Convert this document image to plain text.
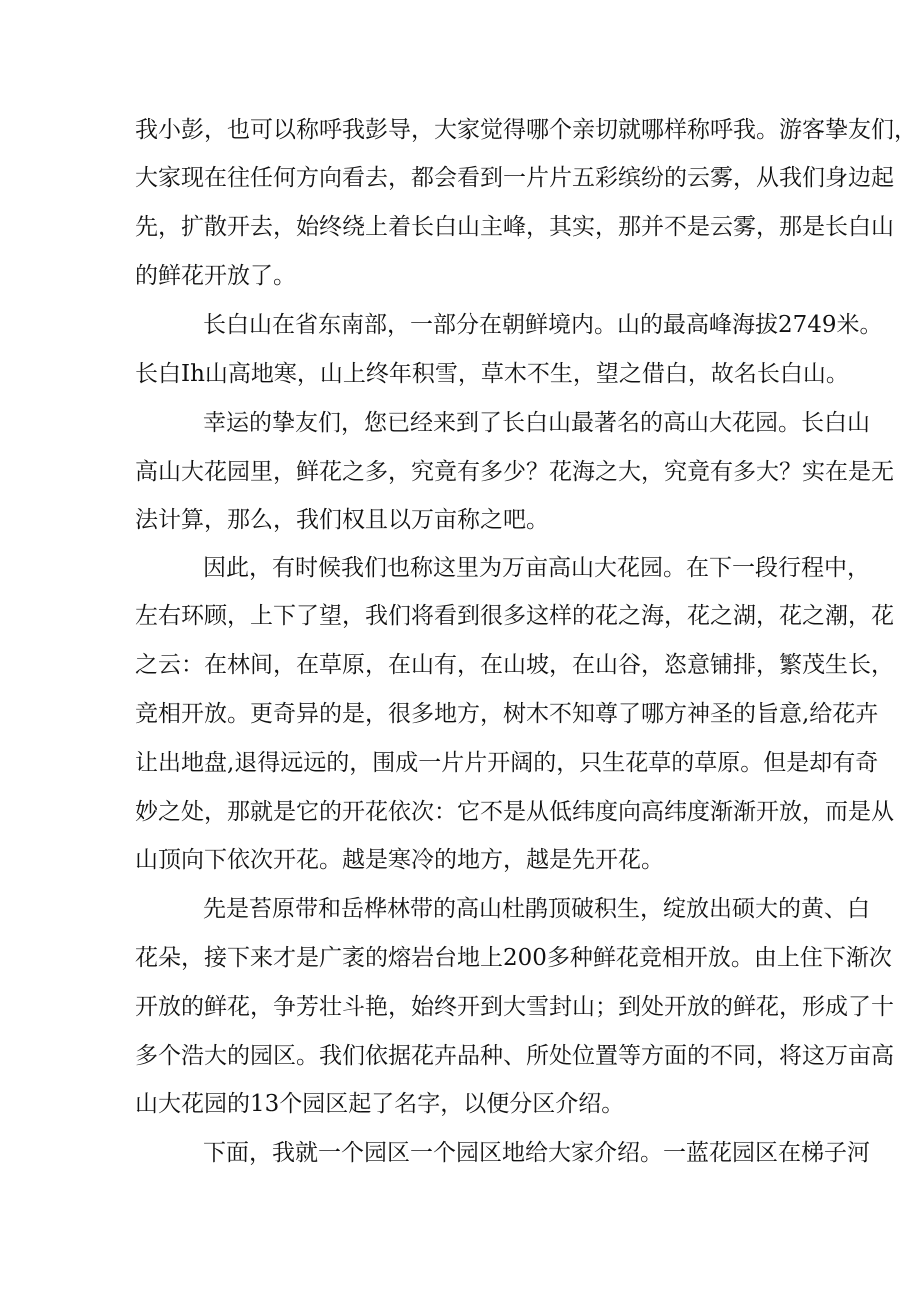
我小彭，也可以称呼我彭导，大家觉得哪个亲切就哪样称呼我。游客挚友们，
大家现在往任何方向看去，都会看到一片片五彩缤纷的云雾，从我们身边起
先，扩散开去，始终绕上着长白山主峰，其实，那并不是云雾，那是长白山
的鲜花开放了。
长白山在省东南部，一部分在朝鲜境内。山的最高峰海拔2749米。
长白Ih山高地寒，山上终年积雪，草木不生，望之借白，故名长白山。
幸运的挚友们，您已经来到了长白山最著名的高山大花园。长白山
高山大花园里，鲜花之多，究竟有多少？花海之大，究竟有多大？实在是无
法计算，那么，我们权且以万亩称之吧。
因此，有时候我们也称这里为万亩高山大花园。在下一段行程中，
左右环顾，上下了望，我们将看到很多这样的花之海，花之湖，花之潮，花
之云：在林间，在草原，在山有，在山坡，在山谷，恣意铺排，繁茂生长，
竞相开放。更奇异的是，很多地方，树木不知尊了哪方神圣的旨意,给花卉
让出地盘,退得远远的，围成一片片开阔的，只生花草的草原。但是却有奇
妙之处，那就是它的开花依次：它不是从低纬度向高纬度渐渐开放，而是从
山顶向下依次开花。越是寒冷的地方，越是先开花。
先是苔原带和岳桦林带的高山杜鹃顶破积生，绽放出硕大的黄、白
花朵，接下来才是广袤的熔岩台地上200多种鲜花竞相开放。由上住下渐次
开放的鲜花，争芳壮斗艳，始终开到大雪封山；到处开放的鲜花，形成了十
多个浩大的园区。我们依据花卉品种、所处位置等方面的不同，将这万亩高
山大花园的13个园区起了名字，以便分区介绍。
下面，我就一个园区一个园区地给大家介绍。一蓝花园区在梯子河
